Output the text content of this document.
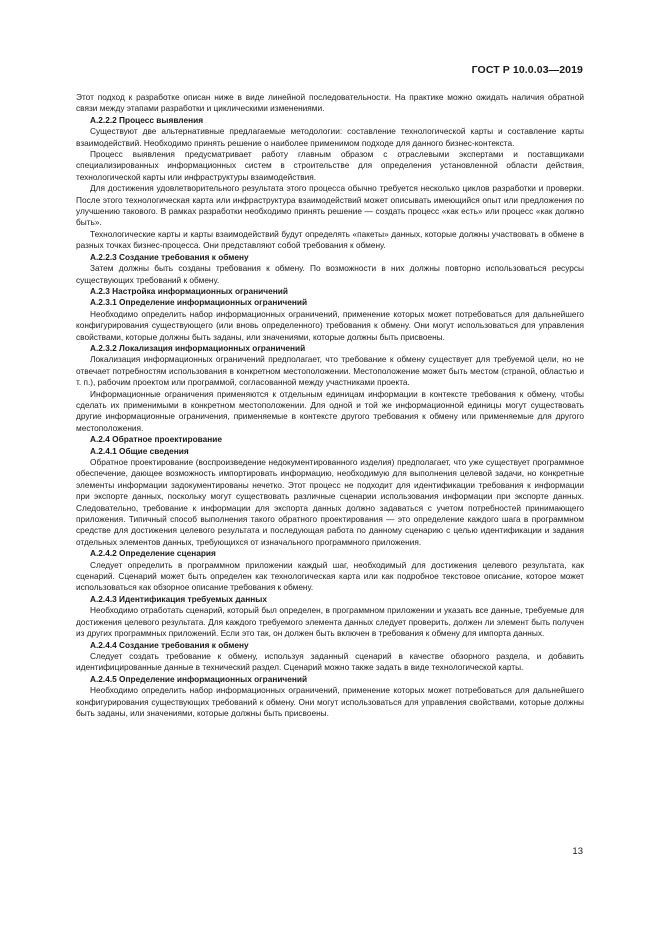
ГОСТ Р 10.0.03—2019

Этот подход к разработке описан ниже в виде линейной последовательности. На практике можно ожидать наличия обратной связи между этапами разработки и циклическими изменениями.

A.2.2.2 Процесс выявления

Существуют две альтернативные предлагаемые методологии: составление технологической карты и составление карты взаимодействий. Необходимо принять решение о наиболее применимом подходе для данного бизнес-контекста.

Процесс выявления предусматривает работу главным образом с отраслевыми экспертами и поставщиками специализированных информационных систем в строительстве для определения установленной области действия, технологической карты или инфраструктуры взаимодействия.

Для достижения удовлетворительного результата этого процесса обычно требуется несколько циклов разработки и проверки. После этого технологическая карта или инфраструктура взаимодействий может описывать имеющийся опыт или предложения по улучшению такового. В рамках разработки необходимо принять решение — создать процесс «как есть» или процесс «как должно быть».

Технологические карты и карты взаимодействий будут определять «пакеты» данных, которые должны участвовать в обмене в разных точках бизнес-процесса. Они представляют собой требования к обмену.

A.2.2.3 Создание требования к обмену

Затем должны быть созданы требования к обмену. По возможности в них должны повторно использоваться ресурсы существующих требований к обмену.

A.2.3 Настройка информационных ограничений
A.2.3.1 Определение информационных ограничений

Необходимо определить набор информационных ограничений, применение которых может потребоваться для дальнейшего конфигурирования существующего (или вновь определенного) требования к обмену. Они могут использоваться для управления свойствами, которые должны быть заданы, или значениями, которые должны быть присвоены.

A.2.3.2 Локализация информационных ограничений

Локализация информационных ограничений предполагает, что требование к обмену существует для требуемой цели, но не отвечает потребностям использования в конкретном местоположении. Местоположение может быть местом (страной, областью и т. п.), рабочим проектом или программой, согласованной между участниками проекта.

Информационные ограничения применяются к отдельным единицам информации в контексте требования к обмену, чтобы сделать их применимыми в конкретном местоположении. Для одной и той же информационной единицы могут существовать другие информационные ограничения, применяемые в контексте другого требования к обмену или применяемые для другого местоположения.

A.2.4 Обратное проектирование
A.2.4.1 Общие сведения

Обратное проектирование (воспроизведение недокументированного изделия) предполагает, что уже существует программное обеспечение, дающее возможность импортировать информацию, необходимую для выполнения целевой задачи, но конкретные элементы информации задокументированы нечетко. Этот процесс не подходит для идентификации требования к информации при экспорте данных, поскольку могут существовать различные сценарии использования информации при экспорте данных. Следовательно, требование к информации для экспорта данных должно задаваться с учетом потребностей принимающего приложения. Типичный способ выполнения такого обратного проектирования — это определение каждого шага в программном средстве для достижения целевого результата и последующая работа по данному сценарию с целью идентификации и задания отдельных элементов данных, требующихся от изначального программного приложения.

A.2.4.2 Определение сценария

Следует определить в программном приложении каждый шаг, необходимый для достижения целевого результата, как сценарий. Сценарий может быть определен как технологическая карта или как подробное текстовое описание, которое может использоваться как обзорное описание требования к обмену.

A.2.4.3 Идентификация требуемых данных

Необходимо отработать сценарий, который был определен, в программном приложении и указать все данные, требуемые для достижения целевого результата. Для каждого требуемого элемента данных следует проверить, должен ли элемент быть получен из других программных приложений. Если это так, он должен быть включен в требования к обмену для импорта данных.

A.2.4.4 Создание требования к обмену

Следует создать требование к обмену, используя заданный сценарий в качестве обзорного раздела, и добавить идентифицированные данные в технический раздел. Сценарий можно также задать в виде технологической карты.

A.2.4.5 Определение информационных ограничений

Необходимо определить набор информационных ограничений, применение которых может потребоваться для дальнейшего конфигурирования существующих требований к обмену. Они могут использоваться для управления свойствами, которые должны быть заданы, или значениями, которые должны быть присвоены.

13
